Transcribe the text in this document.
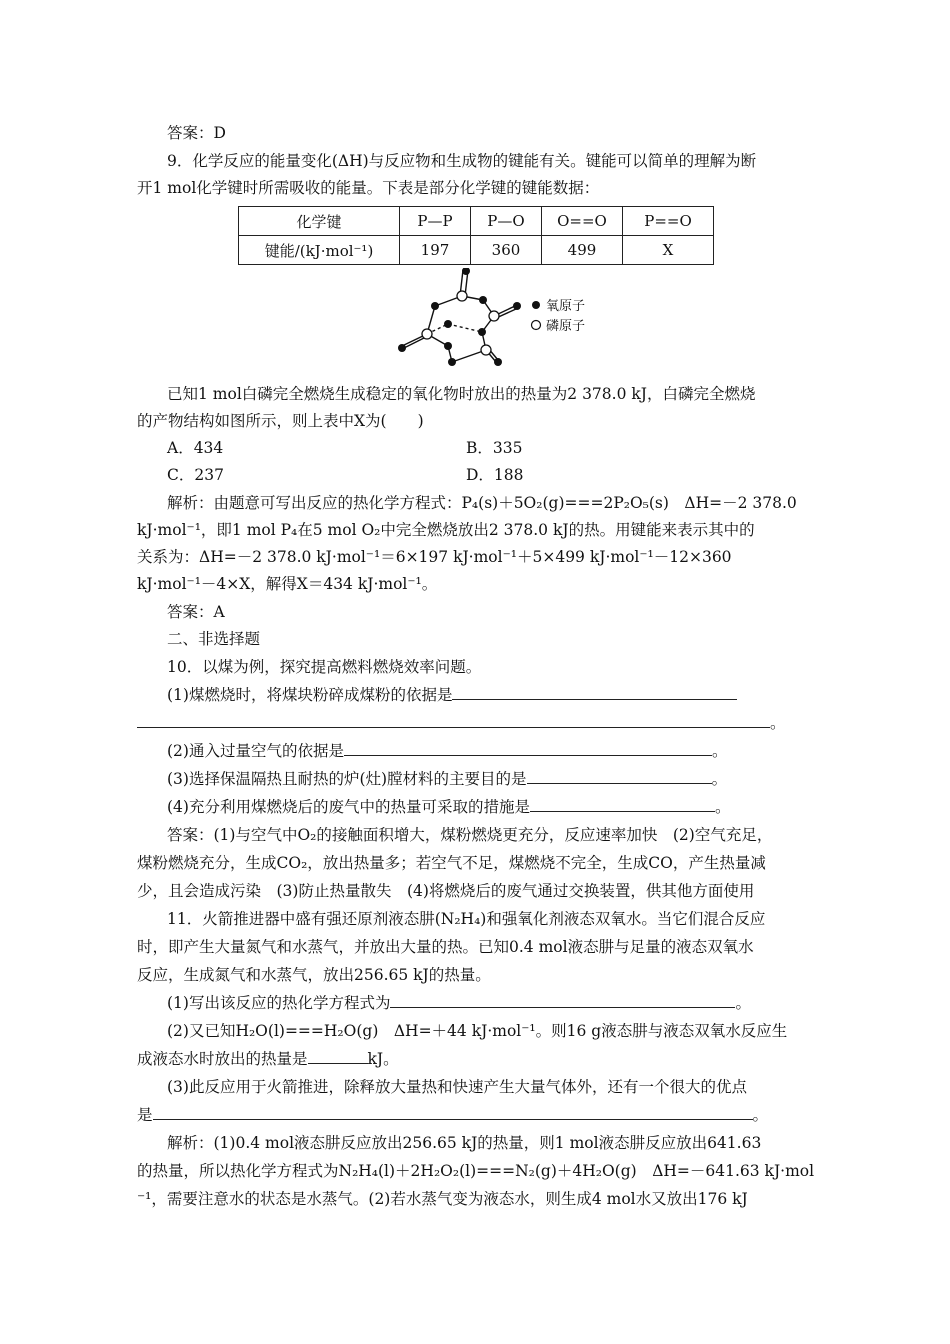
答案：D
9．化学反应的能量变化(ΔH)与反应物和生成物的键能有关。键能可以简单的理解为断
开1 mol化学键时所需吸收的能量。下表是部分化学键的键能数据：
化学键	P—P	P—O	O==O	P==O
键能/(kJ·mol⁻¹)	197	360	499	X
氧原子
磷原子
已知1 mol白磷完全燃烧生成稳定的氧化物时放出的热量为2 378.0 kJ，白磷完全燃烧
的产物结构如图所示，则上表中X为(　　)
A．434	B．335
C．237	D．188
解析：由题意可写出反应的热化学方程式：P₄(s)＋5O₂(g)===2P₂O₅(s)　ΔH=－2 378.0
kJ·mol⁻¹，即1 mol P₄在5 mol O₂中完全燃烧放出2 378.0 kJ的热。用键能来表示其中的
关系为：ΔH=－2 378.0 kJ·mol⁻¹＝6×197 kJ·mol⁻¹＋5×499 kJ·mol⁻¹－12×360
kJ·mol⁻¹－4×X，解得X＝434 kJ·mol⁻¹。
答案：A
二、非选择题
10．以煤为例，探究提高燃料燃烧效率问题。
(1)煤燃烧时，将煤块粉碎成煤粉的依据是
。
(2)通入过量空气的依据是	。
(3)选择保温隔热且耐热的炉(灶)膛材料的主要目的是	。
(4)充分利用煤燃烧后的废气中的热量可采取的措施是	。
答案：(1)与空气中O₂的接触面积增大，煤粉燃烧更充分，反应速率加快　(2)空气充足，
煤粉燃烧充分，生成CO₂，放出热量多；若空气不足，煤燃烧不完全，生成CO，产生热量减
少，且会造成污染　(3)防止热量散失　(4)将燃烧后的废气通过交换装置，供其他方面使用
11．火箭推进器中盛有强还原剂液态肼(N₂H₄)和强氧化剂液态双氧水。当它们混合反应
时，即产生大量氮气和水蒸气，并放出大量的热。已知0.4 mol液态肼与足量的液态双氧水
反应，生成氮气和水蒸气，放出256.65 kJ的热量。
(1)写出该反应的热化学方程式为	。
(2)又已知H₂O(l)===H₂O(g)　ΔH=＋44 kJ·mol⁻¹。则16 g液态肼与液态双氧水反应生
成液态水时放出的热量是	kJ。
(3)此反应用于火箭推进，除释放大量热和快速产生大量气体外，还有一个很大的优点
是	。
解析：(1)0.4 mol液态肼反应放出256.65 kJ的热量，则1 mol液态肼反应放出641.63
的热量，所以热化学方程式为N₂H₄(l)＋2H₂O₂(l)===N₂(g)＋4H₂O(g)　ΔH=－641.63 kJ·mol
⁻¹，需要注意水的状态是水蒸气。(2)若水蒸气变为液态水，则生成4 mol水又放出176 kJ
